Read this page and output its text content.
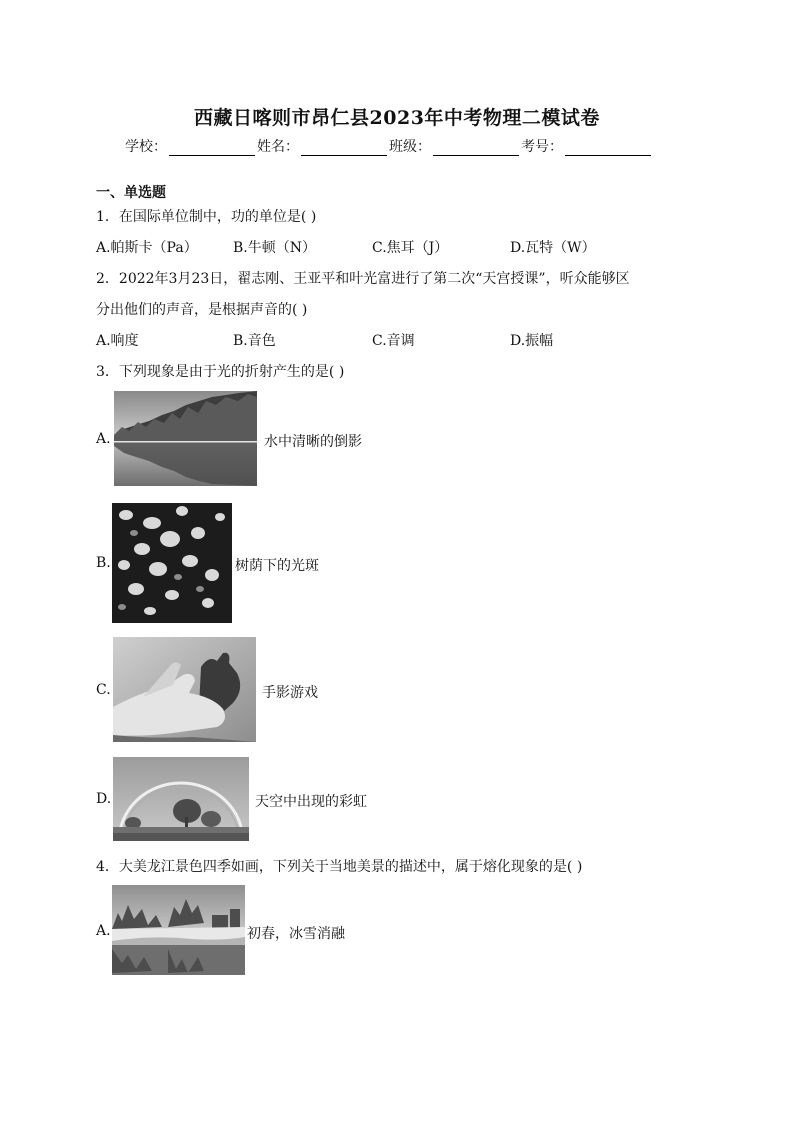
西藏日喀则市昂仁县2023年中考物理二模试卷
学校：	姓名：	班级：	考号：
一、单选题
1．在国际单位制中，功的单位是( )
A.帕斯卡（Pa）	B.牛顿（N）	C.焦耳（J）	D.瓦特（W）
2．2022年3月23日，翟志刚、王亚平和叶光富进行了第二次“天宫授课”，听众能够区
分出他们的声音，是根据声音的( )
A.响度	B.音色	C.音调	D.振幅
3．下列现象是由于光的折射产生的是( )
A.	水中清晰的倒影
B.	树荫下的光斑
C.	手影游戏
D.	天空中出现的彩虹
4．大美龙江景色四季如画，下列关于当地美景的描述中，属于熔化现象的是( )
A.	初春，冰雪消融
